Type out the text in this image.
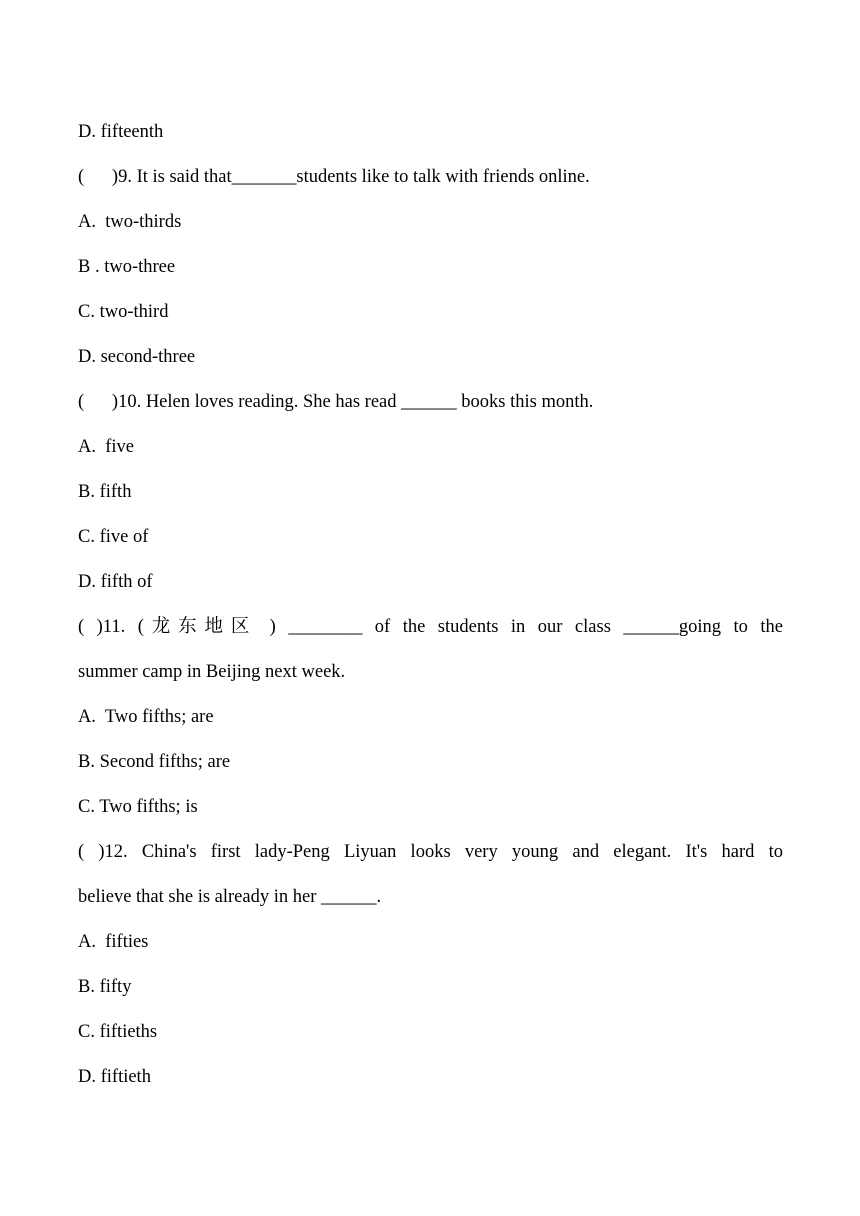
D. fifteenth
(      )9. It is said that_______students like to talk with friends online.
A.  two-thirds
B . two-three
C. two-third
D. second-three
(      )10. Helen loves reading. She has read ______ books this month.
A.  five
B. fifth
C. five of
D. fifth of
( )11. (龙东地区 ) ________ of the students in our class ______going to the
summer camp in Beijing next week.
A.  Two fifths; are
B. Second fifths; are
C. Two fifths; is
( )12. China's first lady-Peng Liyuan looks very young and elegant. It's hard to
believe that she is already in her ______.
A.  fifties
B. fifty
C. fiftieths
D. fiftieth
